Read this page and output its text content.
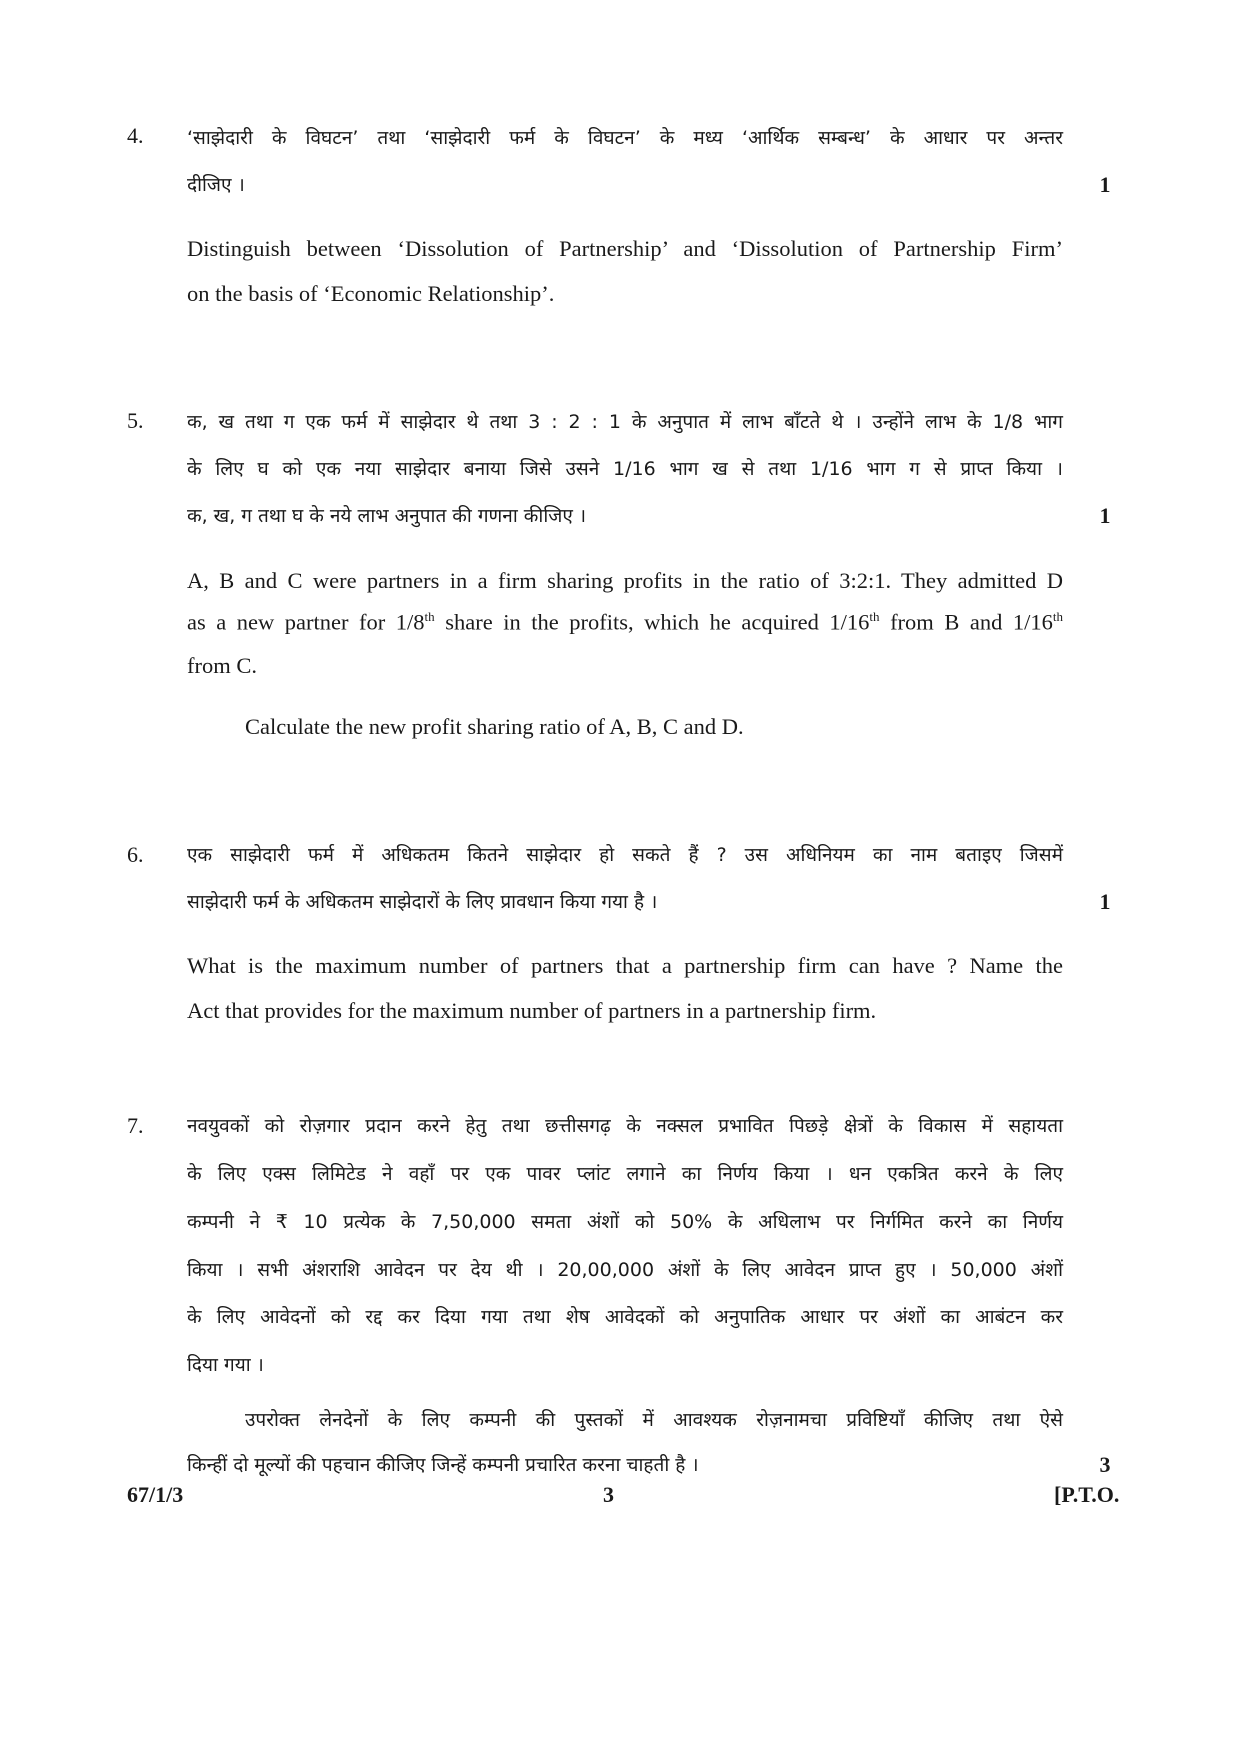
4. ‘साझेदारी के विघटन’ तथा ‘साझेदारी फर्म के विघटन’ के मध्य ‘आर्थिक सम्बन्ध’ के आधार पर अन्तर
दीजिए ।	1
Distinguish between ‘Dissolution of Partnership’ and ‘Dissolution of Partnership Firm’
on the basis of ‘Economic Relationship’.
5. क, ख तथा ग एक फर्म में साझेदार थे तथा 3 : 2 : 1 के अनुपात में लाभ बाँटते थे । उन्होंने लाभ के 1/8 भाग
के लिए घ को एक नया साझेदार बनाया जिसे उसने 1/16 भाग ख से तथा 1/16 भाग ग से प्राप्त किया ।
क, ख, ग तथा घ के नये लाभ अनुपात की गणना कीजिए ।	1
A, B and C were partners in a firm sharing profits in the ratio of 3:2:1. They admitted D
as a new partner for 1/8th share in the profits, which he acquired 1/16th from B and 1/16th
from C.
Calculate the new profit sharing ratio of A, B, C and D.
6. एक साझेदारी फर्म में अधिकतम कितने साझेदार हो सकते हैं ? उस अधिनियम का नाम बताइए जिसमें
साझेदारी फर्म के अधिकतम साझेदारों के लिए प्रावधान किया गया है ।	1
What is the maximum number of partners that a partnership firm can have ? Name the
Act that provides for the maximum number of partners in a partnership firm.
7. नवयुवकों को रोज़गार प्रदान करने हेतु तथा छत्तीसगढ़ के नक्सल प्रभावित पिछड़े क्षेत्रों के विकास में सहायता
के लिए एक्स लिमिटेड ने वहाँ पर एक पावर प्लांट लगाने का निर्णय किया । धन एकत्रित करने के लिए
कम्पनी ने ₹ 10 प्रत्येक के 7,50,000 समता अंशों को 50% के अधिलाभ पर निर्गमित करने का निर्णय
किया । सभी अंशराशि आवेदन पर देय थी । 20,00,000 अंशों के लिए आवेदन प्राप्त हुए । 50,000 अंशों
के लिए आवेदनों को रद्द कर दिया गया तथा शेष आवेदकों को अनुपातिक आधार पर अंशों का आबंटन कर
दिया गया ।
उपरोक्त लेनदेनों के लिए कम्पनी की पुस्तकों में आवश्यक रोज़नामचा प्रविष्टियाँ कीजिए तथा ऐसे
किन्हीं दो मूल्यों की पहचान कीजिए जिन्हें कम्पनी प्रचारित करना चाहती है ।	3
67/1/3	3	[P.T.O.
